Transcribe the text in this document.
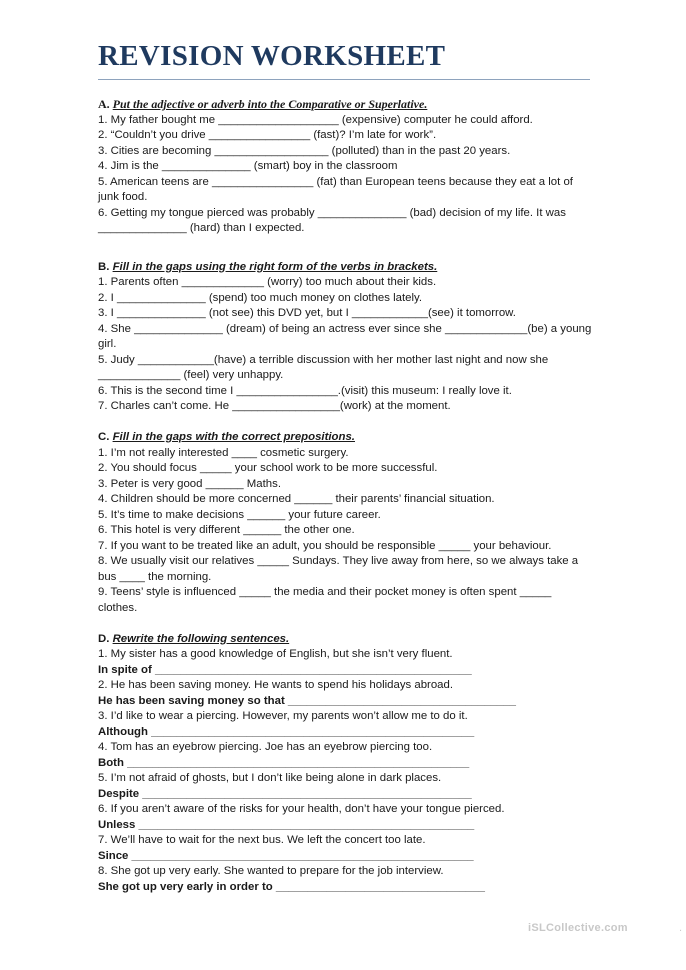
REVISION WORKSHEET
A. Put the adjective or adverb into the Comparative or Superlative.
1. My father bought me ___________________ (expensive) computer he could afford.
2. “Couldn’t you drive ________________ (fast)? I’m late for work”.
3. Cities are becoming __________________ (polluted) than in the past 20 years.
4. Jim is the ______________ (smart) boy in the classroom
5. American teens are ________________ (fat) than European teens because they eat a lot of
junk food.
6. Getting my tongue pierced was probably ______________ (bad) decision of my life. It was
______________ (hard) than I expected.
B. Fill in the gaps using the right form of the verbs in brackets.
1. Parents often _____________ (worry) too much about their kids.
2. I ______________ (spend) too much money on clothes lately.
3. I ______________ (not see) this DVD yet, but I ____________(see) it tomorrow.
4. She ______________ (dream) of being an actress ever since she _____________(be) a young
girl.
5. Judy ____________(have) a terrible discussion with her mother last night and now she
_____________ (feel) very unhappy.
6. This is the second time I ________________.(visit) this museum: I really love it.
7. Charles can’t come. He _________________(work) at the moment.
C. Fill in the gaps with the correct prepositions.
1. I’m not really interested ____ cosmetic surgery.
2. You should focus _____ your school work to be more successful.
3. Peter is very good ______ Maths.
4. Children should be more concerned ______ their parents’ financial situation.
5. It’s time to make decisions ______ your future career.
6. This hotel is very different ______ the other one.
7. If you want to be treated like an adult, you should be responsible _____ your behaviour.
8. We usually visit our relatives _____ Sundays. They live away from here, so we always take a
bus ____ the morning.
9. Teens’ style is influenced _____ the media and their pocket money is often spent _____
clothes.
D. Rewrite the following sentences.
1. My sister has a good knowledge of English, but she isn’t very fluent.
In spite of __________________________________________________
2. He has been saving money. He wants to spend his holidays abroad.
He has been saving money so that ____________________________________
3. I’d like to wear a piercing. However, my parents won’t allow me to do it.
Although ___________________________________________________
4. Tom has an eyebrow piercing. Joe has an eyebrow piercing too.
Both ______________________________________________________
5. I’m not afraid of ghosts, but I don’t like being alone in dark places.
Despite ____________________________________________________
6. If you aren’t aware of the risks for your health, don’t have your tongue pierced.
Unless _____________________________________________________
7. We’ll have to wait for the next bus. We left the concert too late.
Since ______________________________________________________
8. She got up very early. She wanted to prepare for the job interview.
She got up very early in order to _________________________________
iSLCollective.com	.
